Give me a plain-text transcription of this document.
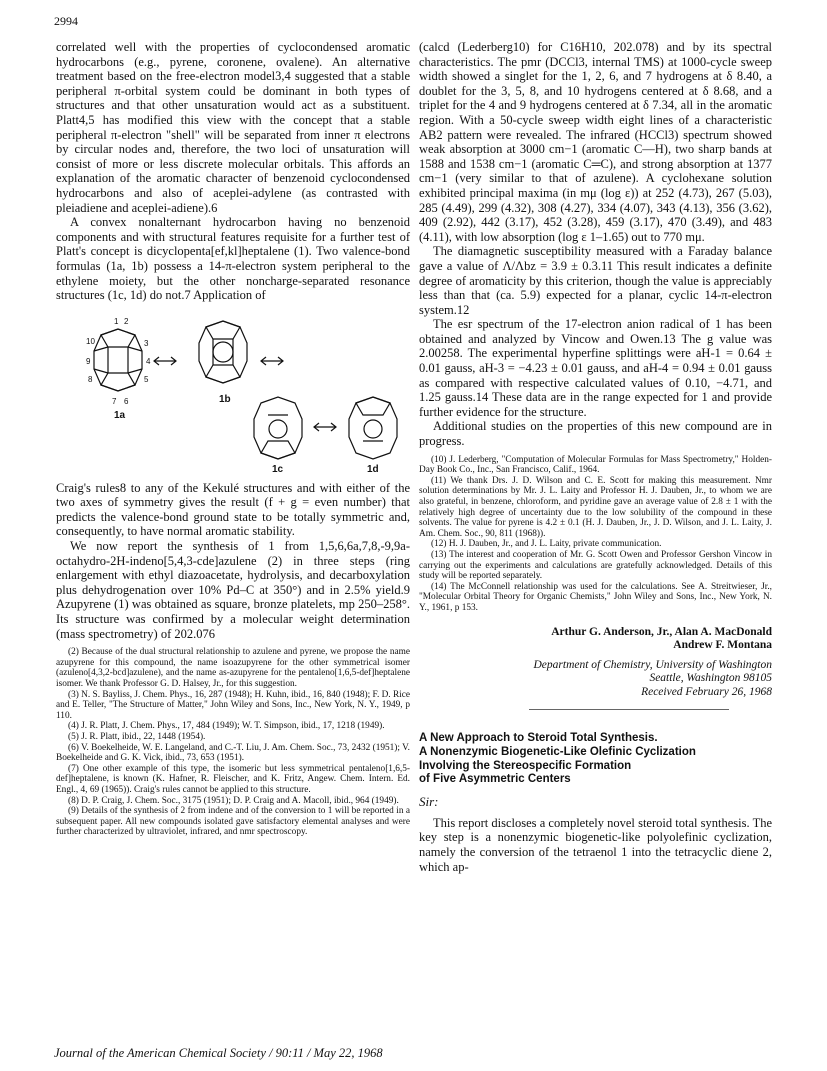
2994

correlated well with the properties of cyclocondensed aromatic hydrocarbons (e.g., pyrene, coronene, ovalene). An alternative treatment based on the free-electron model3,4 suggested that a stable peripheral π-orbital system could be dominant in both types of structures and that other unsaturation would act as a substituent. Platt4,5 has modified this view with the concept that a stable peripheral π-electron "shell" will be separated from inner π electrons by circular nodes and, therefore, the two loci of unsaturation will consist of more or less discrete molecular orbitals. This affords an explanation of the aromatic character of benzenoid cyclocondensed hydrocarbons and also of aceplei-adylene (as contrasted with pleiadiene and aceplei-adiene).6

A convex nonalternant hydrocarbon having no benzenoid components and with structural features requisite for a further test of Platt's concept is dicyclopenta[ef,kl]heptalene (1). Two valence-bond formulas (1a, 1b) possess a 14-π-electron system peripheral to the ethylene moiety, but the other noncharge-separated resonance structures (1c, 1d) do not.7 Application of

1a
1b
1c	1d
1 2
3
4
5
6
7
8
9
10

Craig's rules8 to any of the Kekulé structures and with either of the two axes of symmetry gives the result (f + g = even number) that predicts the valence-bond ground state to be totally symmetric and, consequently, to have normal aromatic stability.

We now report the synthesis of 1 from 1,5,6,6a,7,8,-9,9a-octahydro-2H-indeno[5,4,3-cde]azulene (2) in three steps (ring enlargement with ethyl diazoacetate, hydrolysis, and decarboxylation plus dehydrogenation over 10% Pd–C at 350°) and in 2.5% yield.9 Azupyrene (1) was obtained as square, bronze platelets, mp 250–258°. Its structure was confirmed by a molecular weight determination (mass spectrometry) of 202.076

(2) Because of the dual structural relationship to azulene and pyrene, we propose the name azupyrene for this compound, the name isoazupyrene for the other symmetrical isomer (azuleno[4,3,2-bcd]azulene), and the name as-azupyrene for the pentaleno[1,6,5-def]heptalene isomer. We thank Professor G. D. Halsey, Jr., for this suggestion.
(3) N. S. Bayliss, J. Chem. Phys., 16, 287 (1948); H. Kuhn, ibid., 16, 840 (1948); F. D. Rice and E. Teller, "The Structure of Matter," John Wiley and Sons, Inc., New York, N. Y., 1949, p 110.
(4) J. R. Platt, J. Chem. Phys., 17, 484 (1949); W. T. Simpson, ibid., 17, 1218 (1949).
(5) J. R. Platt, ibid., 22, 1448 (1954).
(6) V. Boekelheide, W. E. Langeland, and C.-T. Liu, J. Am. Chem. Soc., 73, 2432 (1951); V. Boekelheide and G. K. Vick, ibid., 73, 653 (1951).
(7) One other example of this type, the isomeric but less symmetrical pentaleno[1,6,5-def]heptalene, is known (K. Hafner, R. Fleischer, and K. Fritz, Angew. Chem. Intern. Ed. Engl., 4, 69 (1965)). Craig's rules cannot be applied to this structure.
(8) D. P. Craig, J. Chem. Soc., 3175 (1951); D. P. Craig and A. Macoll, ibid., 964 (1949).
(9) Details of the synthesis of 2 from indene and of the conversion to 1 will be reported in a subsequent paper. All new compounds isolated gave satisfactory elemental analyses and were further characterized by ultraviolet, infrared, and nmr spectroscopy.

(calcd (Lederberg10) for C16H10, 202.078) and by its spectral characteristics. The pmr (DCCl3, internal TMS) at 1000-cycle sweep width showed a singlet for the 1, 2, 6, and 7 hydrogens at δ 8.40, a doublet for the 3, 5, 8, and 10 hydrogens centered at δ 8.68, and a triplet for the 4 and 9 hydrogens centered at δ 7.34, all in the aromatic region. With a 50-cycle sweep width eight lines of a characteristic AB2 pattern were revealed. The infrared (HCCl3) spectrum showed weak absorption at 3000 cm−1 (aromatic C—H), two sharp bands at 1588 and 1538 cm−1 (aromatic C═C), and strong absorption at 1377 cm−1 (very similar to that of azulene). A cyclohexane solution exhibited principal maxima (in mμ (log ε)) at 252 (4.73), 267 (5.03), 285 (4.49), 299 (4.32), 308 (4.27), 334 (4.07), 343 (4.13), 356 (3.62), 409 (2.92), 442 (3.17), 452 (3.28), 459 (3.17), 470 (3.49), and 483 (4.11), with low absorption (log ε 1–1.65) out to 770 mμ.

The diamagnetic susceptibility measured with a Faraday balance gave a value of Λ/Λbz = 3.9 ± 0.3.11 This result indicates a definite degree of aromaticity by this criterion, though the value is appreciably less than that (ca. 5.9) expected for a planar, cyclic 14-π-electron system.12

The esr spectrum of the 17-electron anion radical of 1 has been obtained and analyzed by Vincow and Owen.13 The g value was 2.00258. The experimental hyperfine splittings were aH-1 = 0.64 ± 0.01 gauss, aH-3 = −4.23 ± 0.01 gauss, and aH-4 = 0.94 ± 0.01 gauss as compared with respective calculated values of 0.10, −4.71, and 1.25 gauss.14 These data are in the range expected for 1 and provide further evidence for the structure.

Additional studies on the properties of this new compound are in progress.

(10) J. Lederberg, "Computation of Molecular Formulas for Mass Spectrometry," Holden-Day Book Co., Inc., San Francisco, Calif., 1964.
(11) We thank Drs. J. D. Wilson and C. E. Scott for making this measurement. Nmr solution determinations by Mr. J. L. Laity and Professor H. J. Dauben, Jr., to whom we are also grateful, in benzene, chloroform, and pyridine gave an average value of 2.8 ± 1 with the relatively high degree of uncertainty due to the low solubility of the compound in these solvents. The value for pyrene is 4.2 ± 0.1 (H. J. Dauben, Jr., J. D. Wilson, and J. L. Laity, J. Am. Chem. Soc., 90, 811 (1968)).
(12) H. J. Dauben, Jr., and J. L. Laity, private communication.
(13) The interest and cooperation of Mr. G. Scott Owen and Professor Gershon Vincow in carrying out the experiments and calculations are gratefully acknowledged. Details of this study will be reported separately.
(14) The McConnell relationship was used for the calculations. See A. Streitwieser, Jr., "Molecular Orbital Theory for Organic Chemists," John Wiley and Sons, Inc., New York, N. Y., 1961, p 153.
Arthur G. Anderson, Jr., Alan A. MacDonald
Andrew F. Montana
Department of Chemistry, University of Washington
Seattle, Washington 98105
Received February 26, 1968
A New Approach to Steroid Total Synthesis.
A Nonenzymic Biogenetic-Like Olefinic Cyclization
Involving the Stereospecific Formation
of Five Asymmetric Centers
Sir:

This report discloses a completely novel steroid total synthesis. The key step is a nonenzymic biogenetic-like polyolefinic cyclization, namely the conversion of the tetraenol 1 into the tetracyclic diene 2, which ap-

Journal of the American Chemical Society / 90:11 / May 22, 1968
